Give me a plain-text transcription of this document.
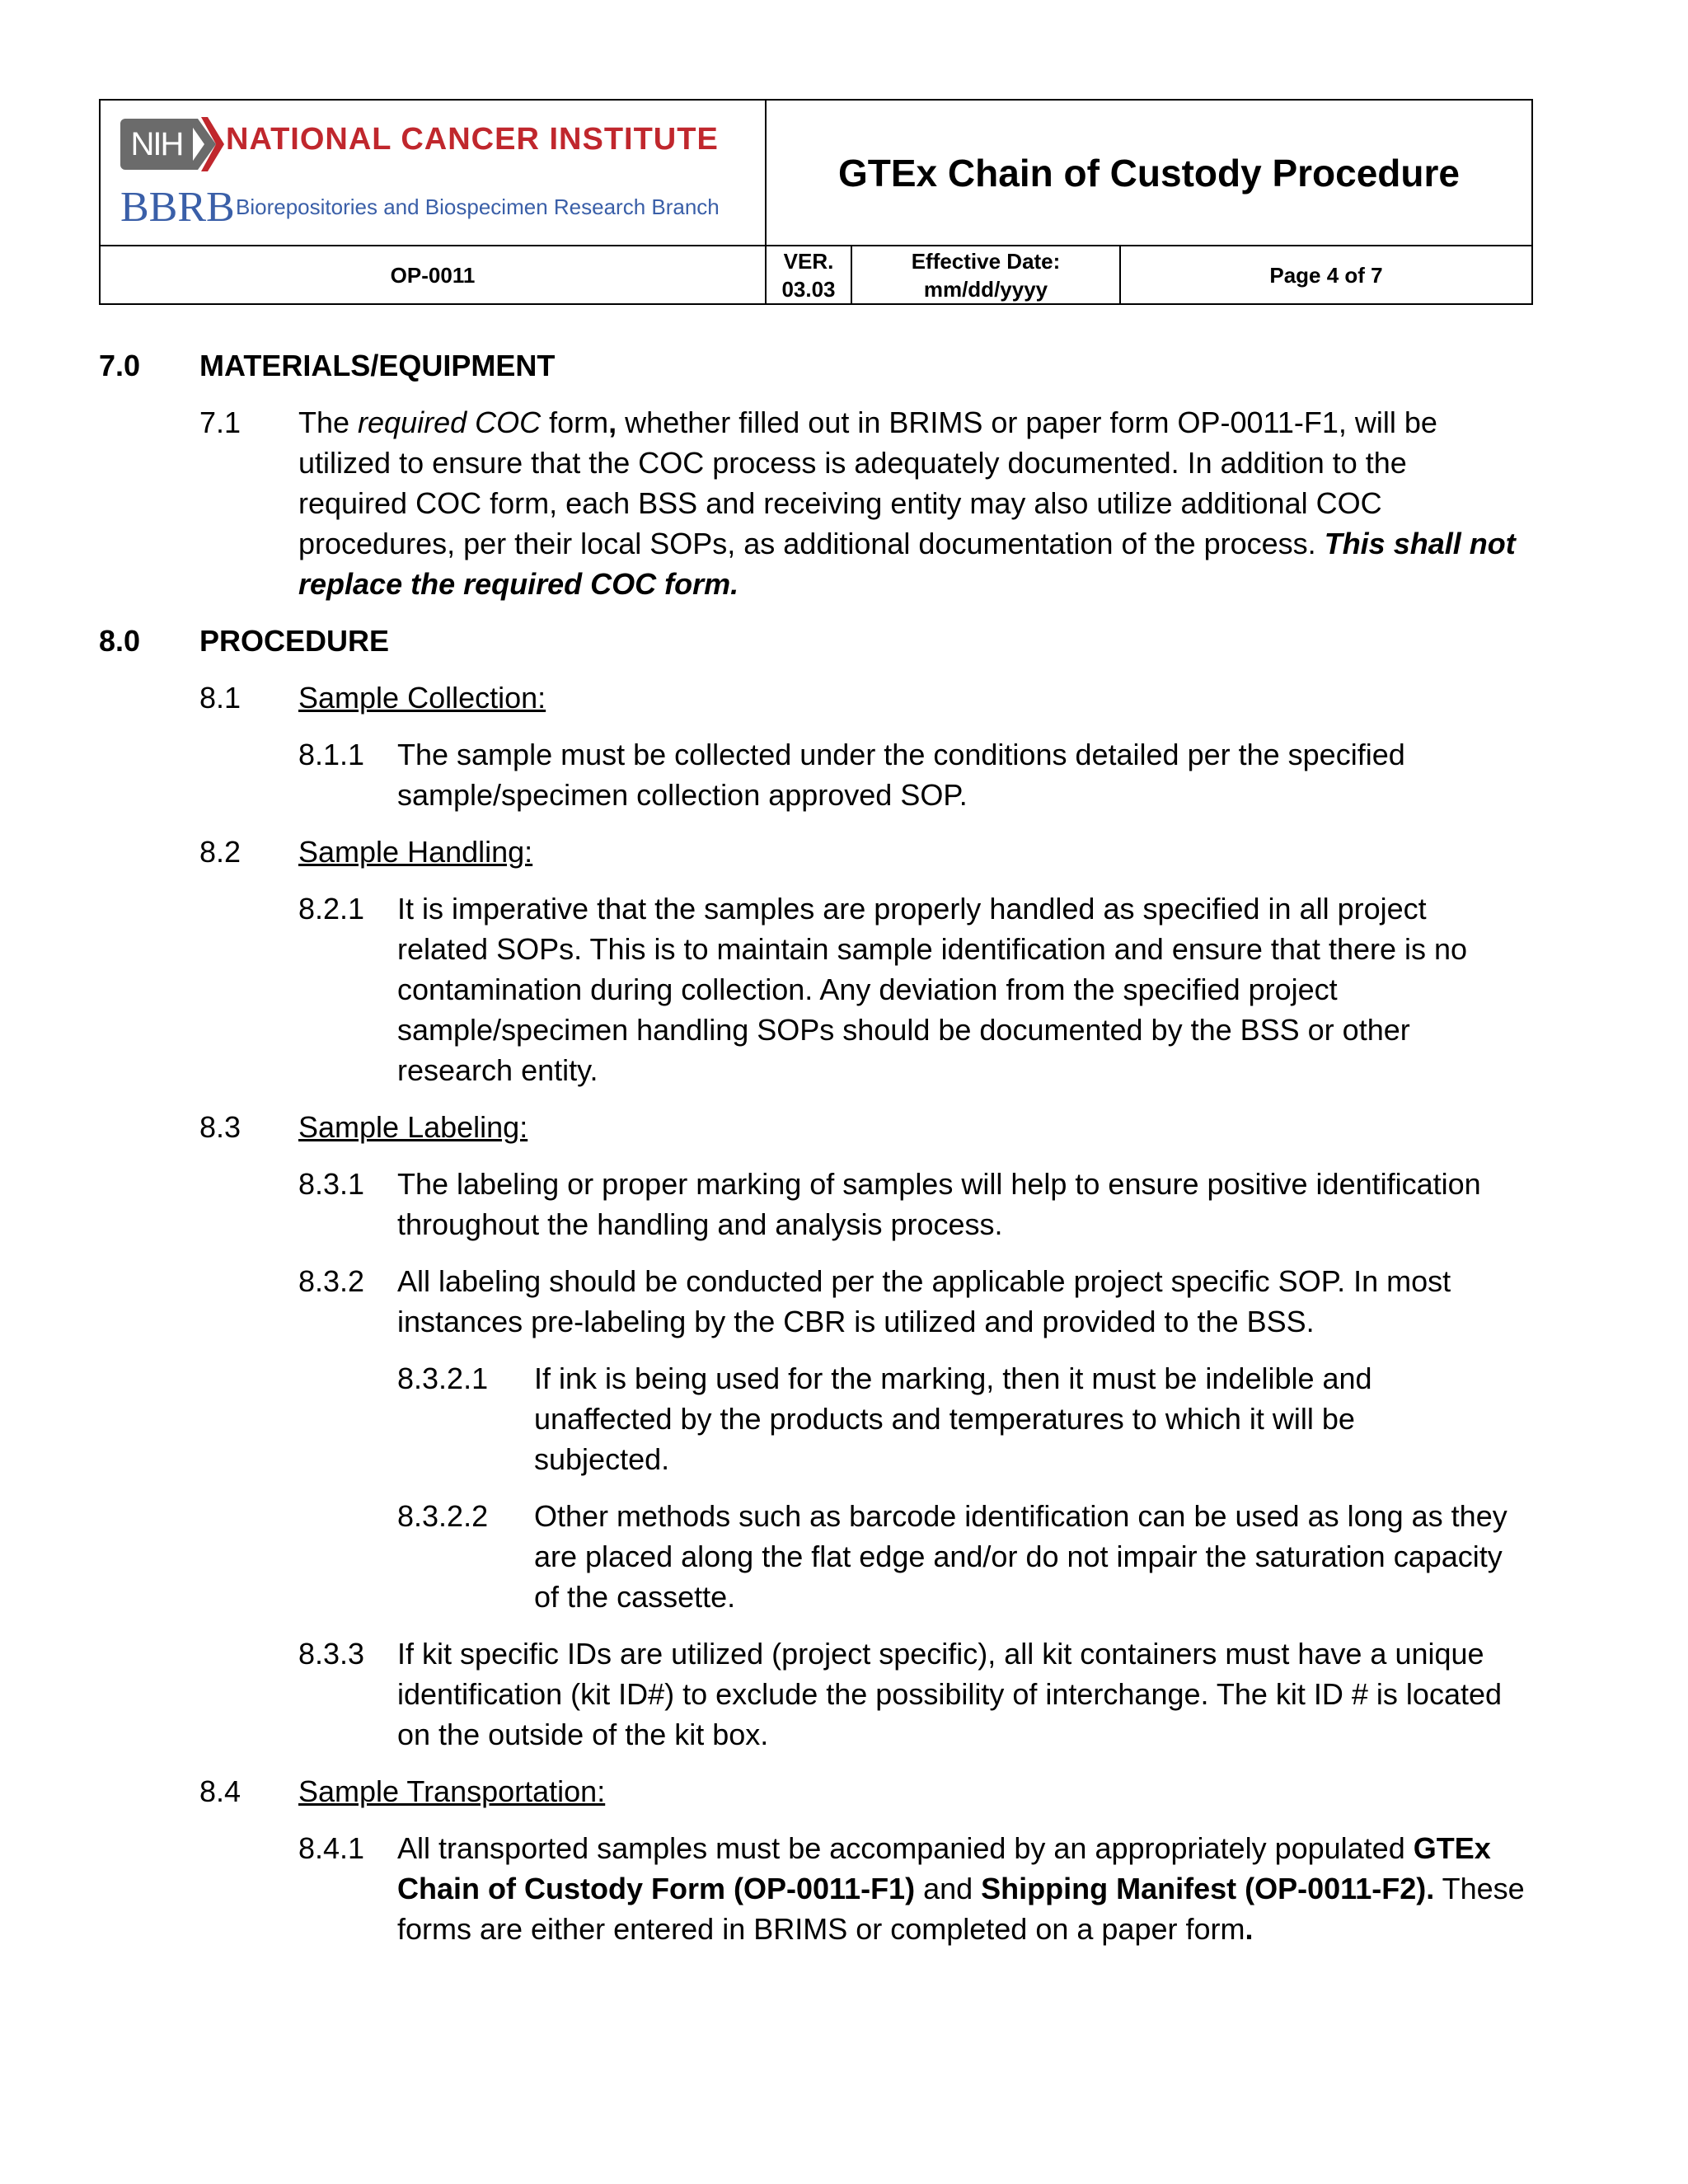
NIH	NATIONAL CANCER INSTITUTE
BBRB Biorepositories and Biospecimen Research Branch
GTEx Chain of Custody Procedure
OP-0011
VER.
03.03
Effective Date:
mm/dd/yyyy
Page 4 of 7
7.0 MATERIALS/EQUIPMENT
7.1 The required COC form, whether filled out in BRIMS or paper form OP-0011-F1, will be
utilized to ensure that the COC process is adequately documented. In addition to the
required COC form, each BSS and receiving entity may also utilize additional COC
procedures, per their local SOPs, as additional documentation of the process. This shall not
replace the required COC form.
8.0 PROCEDURE
8.1 Sample Collection:
8.1.1 The sample must be collected under the conditions detailed per the specified
sample/specimen collection approved SOP.
8.2 Sample Handling:
8.2.1 It is imperative that the samples are properly handled as specified in all project
related SOPs. This is to maintain sample identification and ensure that there is no
contamination during collection. Any deviation from the specified project
sample/specimen handling SOPs should be documented by the BSS or other
research entity.
8.3 Sample Labeling:
8.3.1 The labeling or proper marking of samples will help to ensure positive identification
throughout the handling and analysis process.
8.3.2 All labeling should be conducted per the applicable project specific SOP. In most
instances pre-labeling by the CBR is utilized and provided to the BSS.
8.3.2.1 If ink is being used for the marking, then it must be indelible and
unaffected by the products and temperatures to which it will be
subjected.
8.3.2.2 Other methods such as barcode identification can be used as long as they
are placed along the flat edge and/or do not impair the saturation capacity
of the cassette.
8.3.3 If kit specific IDs are utilized (project specific), all kit containers must have a unique
identification (kit ID#) to exclude the possibility of interchange. The kit ID # is located
on the outside of the kit box.
8.4 Sample Transportation:
8.4.1 All transported samples must be accompanied by an appropriately populated GTEx
Chain of Custody Form (OP-0011-F1) and Shipping Manifest (OP-0011-F2). These
forms are either entered in BRIMS or completed on a paper form.
